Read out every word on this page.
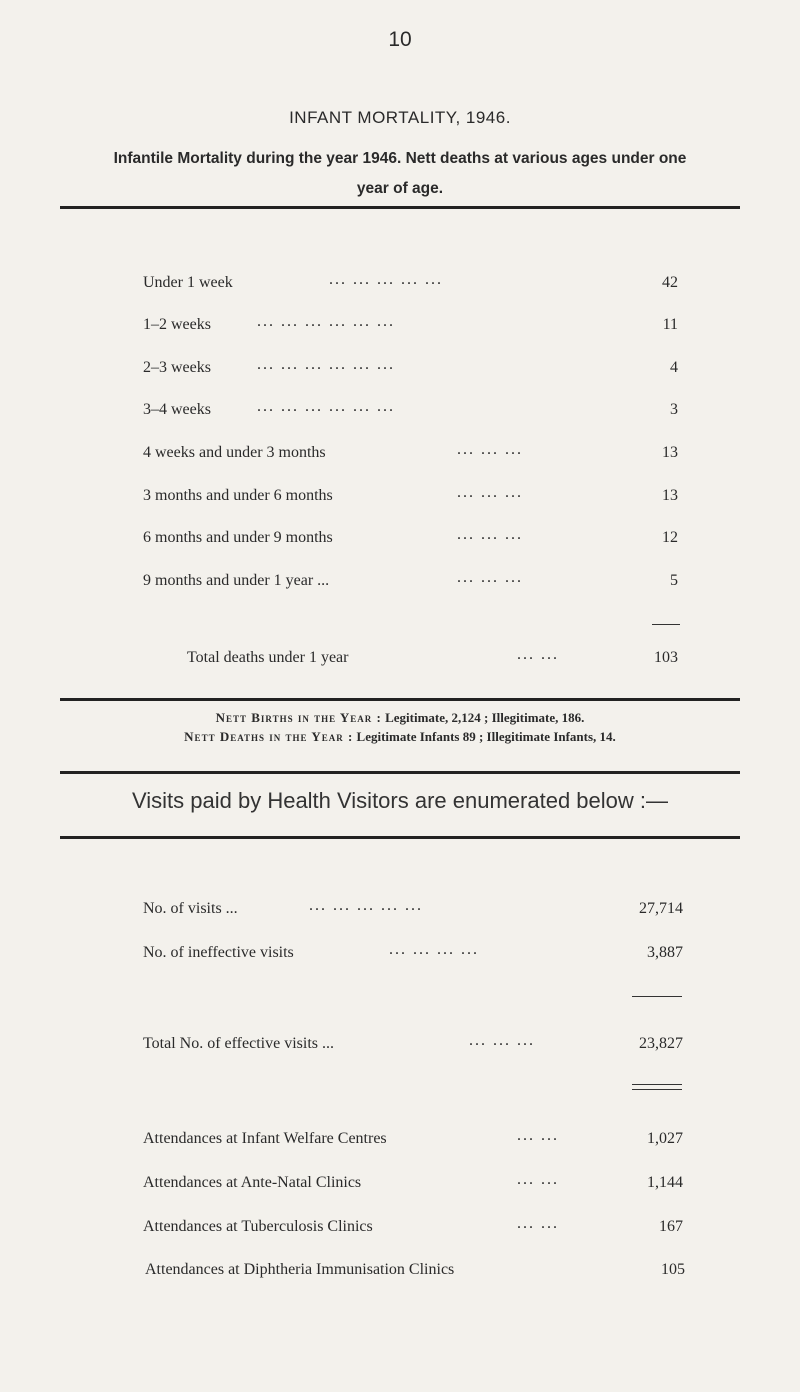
10
INFANT MORTALITY, 1946.
Infantile Mortality during the year 1946. Nett deaths at various ages under one year of age.
Under 1 week	... ... ... ... ...	42
1–2 weeks	... ... ... ... ... ...	11
2–3 weeks	... ... ... ... ... ...	4
3–4 weeks	... ... ... ... ... ...	3
4 weeks and under 3 months	... ... ...	13
3 months and under 6 months	... ... ...	13
6 months and under 9 months	... ... ...	12
9 months and under 1 year ...	... ... ...	5
Total deaths under 1 year	... ...	103
Nett Births in the Year : Legitimate, 2,124 ; Illegitimate, 186.
Nett Deaths in the Year : Legitimate Infants 89 ; Illegitimate Infants, 14.
Visits paid by Health Visitors are enumerated below :—
No. of visits ...	... ... ... ... ...	27,714
No. of ineffective visits	... ... ... ...	3,887
Total No. of effective visits ...	... ... ...	23,827
Attendances at Infant Welfare Centres	... ...	1,027
Attendances at Ante-Natal Clinics	... ...	1,144
Attendances at Tuberculosis Clinics	... ...	167
Attendances at Diphtheria Immunisation Clinics	105
